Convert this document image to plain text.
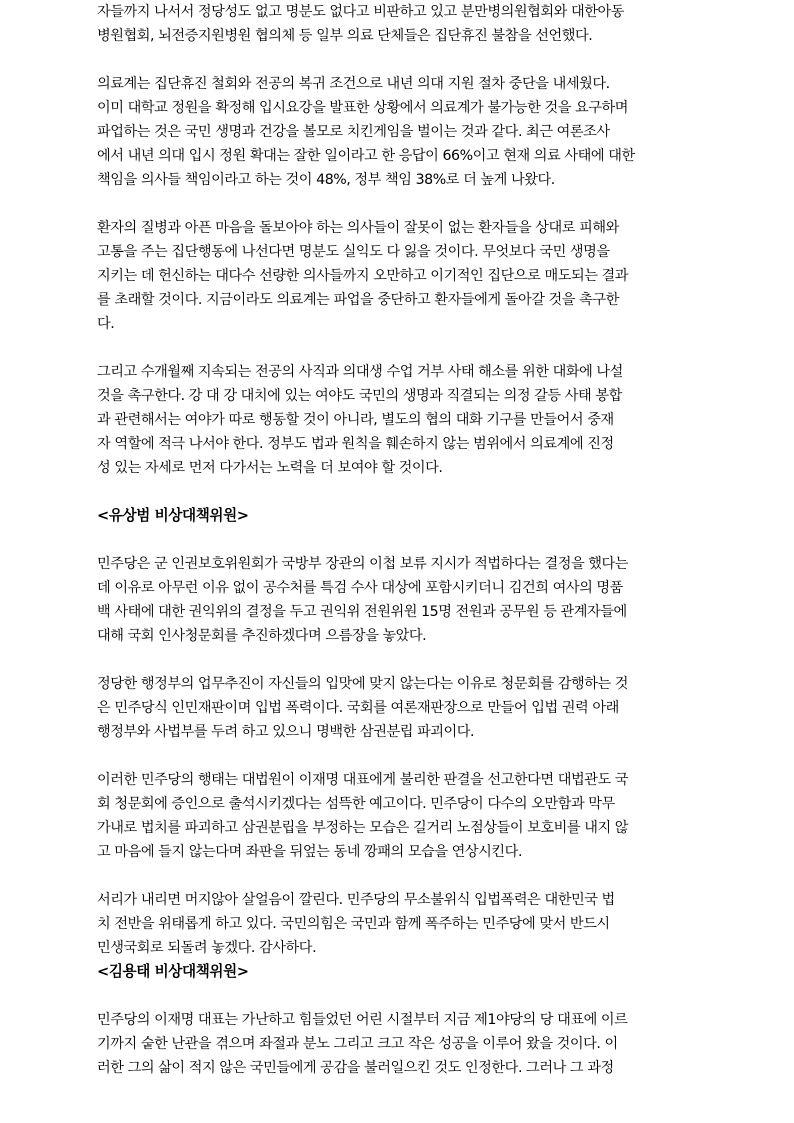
자들까지 나서서 정당성도 없고 명분도 없다고 비판하고 있고 분만병의원협회와 대한아동
병원협회, 뇌전증지원병원 협의체 등 일부 의료 단체들은 집단휴진 불참을 선언했다.

의료계는 집단휴진 철회와 전공의 복귀 조건으로 내년 의대 지원 절차 중단을 내세웠다.
이미 대학교 정원을 확정해 입시요강을 발표한 상황에서 의료계가 불가능한 것을 요구하며
파업하는 것은 국민 생명과 건강을 볼모로 치킨게임을 벌이는 것과 같다. 최근 여론조사
에서 내년 의대 입시 정원 확대는 잘한 일이라고 한 응답이 66%이고 현재 의료 사태에 대한
책임을 의사들 책임이라고 하는 것이 48%, 정부 책임 38%로 더 높게 나왔다.

환자의 질병과 아픈 마음을 돌보아야 하는 의사들이 잘못이 없는 환자들을 상대로 피해와
고통을 주는 집단행동에 나선다면 명분도 실익도 다 잃을 것이다. 무엇보다 국민 생명을
지키는 데 헌신하는 대다수 선량한 의사들까지 오만하고 이기적인 집단으로 매도되는 결과
를 초래할 것이다. 지금이라도 의료계는 파업을 중단하고 환자들에게 돌아갈 것을 촉구한
다.

그리고 수개월째 지속되는 전공의 사직과 의대생 수업 거부 사태 해소를 위한 대화에 나설
것을 촉구한다. 강 대 강 대치에 있는 여야도 국민의 생명과 직결되는 의정 갈등 사태 봉합
과 관련해서는 여야가 따로 행동할 것이 아니라, 별도의 협의 대화 기구를 만들어서 중재
자 역할에 적극 나서야 한다. 정부도 법과 원칙을 훼손하지 않는 범위에서 의료계에 진정
성 있는 자세로 먼저 다가서는 노력을 더 보여야 할 것이다.

<유상범 비상대책위원>

민주당은 군 인권보호위원회가 국방부 장관의 이첩 보류 지시가 적법하다는 결정을 했다는
데 이유로 아무런 이유 없이 공수처를 특검 수사 대상에 포함시키더니 김건희 여사의 명품
백 사태에 대한 권익위의 결정을 두고 권익위 전원위원 15명 전원과 공무원 등 관계자들에
대해 국회 인사청문회를 추진하겠다며 으름장을 놓았다.

정당한 행정부의 업무추진이 자신들의 입맛에 맞지 않는다는 이유로 청문회를 감행하는 것
은 민주당식 인민재판이며 입법 폭력이다. 국회를 여론재판장으로 만들어 입법 권력 아래
행정부와 사법부를 두려 하고 있으니 명백한 삼권분립 파괴이다.

이러한 민주당의 행태는 대법원이 이재명 대표에게 불리한 판결을 선고한다면 대법관도 국
회 청문회에 증인으로 출석시키겠다는 섬뜩한 예고이다. 민주당이 다수의 오만함과 막무
가내로 법치를 파괴하고 삼권분립을 부정하는 모습은 길거리 노점상들이 보호비를 내지 않
고 마음에 들지 않는다며 좌판을 뒤엎는 동네 깡패의 모습을 연상시킨다.

서리가 내리면 머지않아 살얼음이 깔린다. 민주당의 무소불위식 입법폭력은 대한민국 법
치 전반을 위태롭게 하고 있다. 국민의힘은 국민과 함께 폭주하는 민주당에 맞서 반드시
민생국회로 되돌려 놓겠다. 감사하다.

<김용태 비상대책위원>

민주당의 이재명 대표는 가난하고 힘들었던 어린 시절부터 지금 제1야당의 당 대표에 이르
기까지 숱한 난관을 겪으며 좌절과 분노 그리고 크고 작은 성공을 이루어 왔을 것이다. 이
러한 그의 삶이 적지 않은 국민들에게 공감을 불러일으킨 것도 인정한다. 그러나 그 과정
